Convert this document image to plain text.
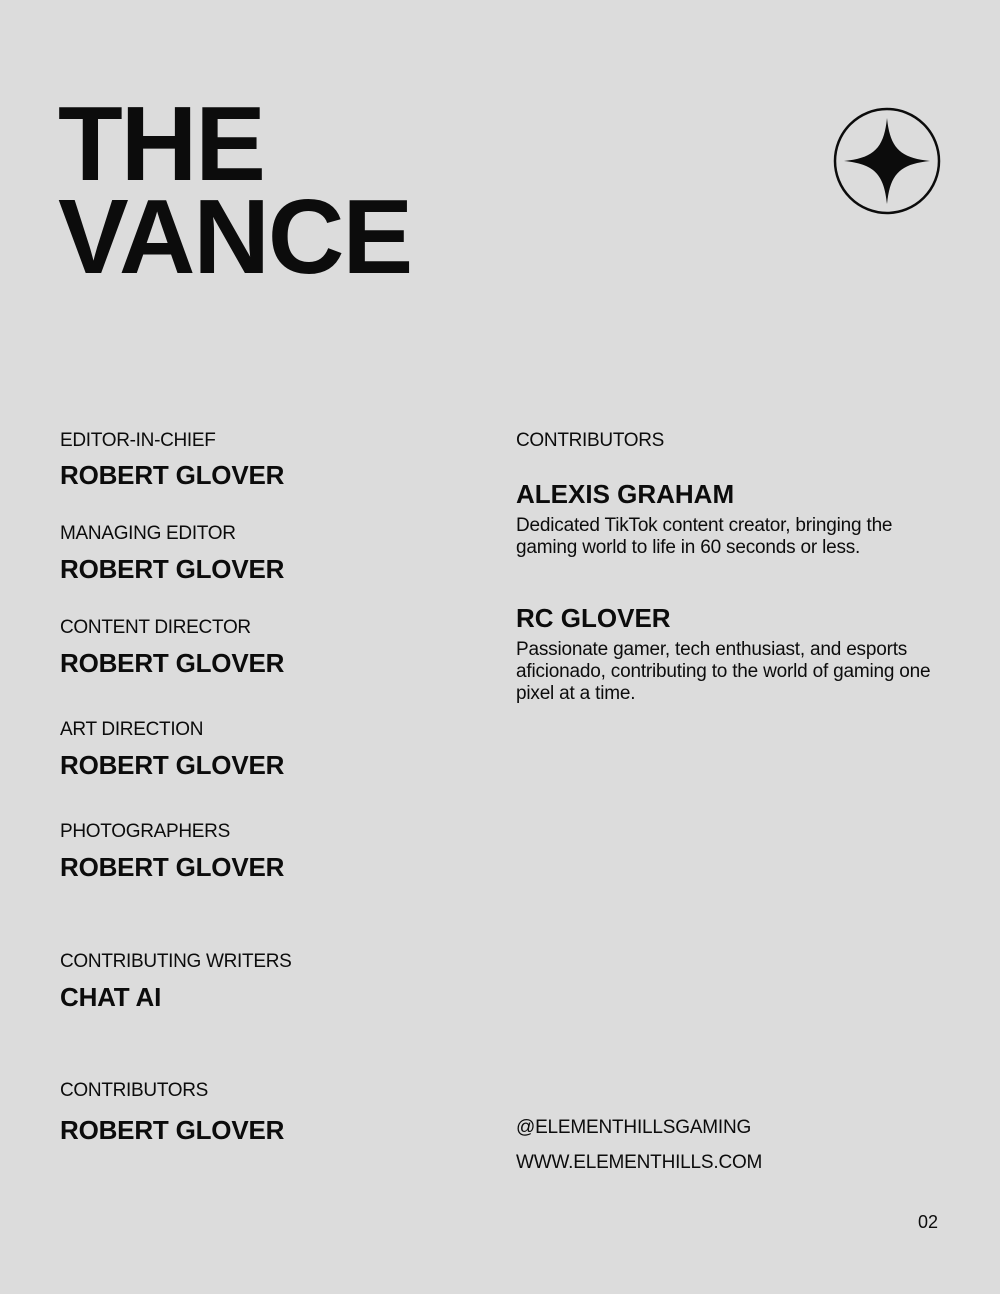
THE
VANCE
EDITOR-IN-CHIEF
ROBERT GLOVER
MANAGING EDITOR
ROBERT GLOVER
CONTENT DIRECTOR
ROBERT GLOVER
ART DIRECTION
ROBERT GLOVER
PHOTOGRAPHERS
ROBERT GLOVER
CONTRIBUTING WRITERS
CHAT AI
CONTRIBUTORS
ROBERT GLOVER
CONTRIBUTORS
ALEXIS GRAHAM
Dedicated TikTok content creator, bringing the gaming world to life in 60 seconds or less.
RC GLOVER
Passionate gamer, tech enthusiast, and esports aficionado, contributing to the world of gaming one pixel at a time.
@ELEMENTHILLSGAMING
WWW.ELEMENTHILLS.COM
02
